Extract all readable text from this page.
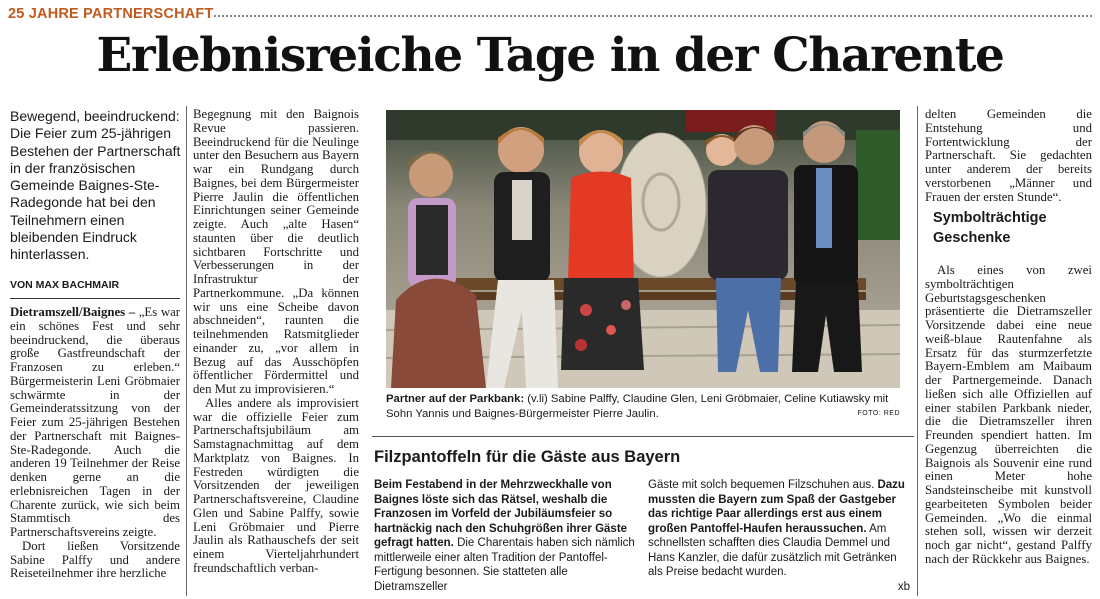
25 JAHRE PARTNERSCHAFT
Erlebnisreiche Tage in der Charente
Bewegend, beeindruckend: Die Feier zum 25-jährigen Bestehen der Partnerschaft in der französischen Gemeinde Baignes-Ste-Radegonde hat bei den Teilnehmern einen bleibenden Eindruck hinterlassen.
VON MAX BACHMAIR

Dietramszell/Baignes – „Es war ein schönes Fest und sehr beeindruckend, die überaus große Gastfreundschaft der Franzosen zu erleben.“ Bürgermeisterin Leni Gröbmaier schwärmte in der Gemeinderatssitzung von der Feier zum 25-jährigen Bestehen der Partnerschaft mit Baignes-Ste-Radegonde. Auch die anderen 19 Teilnehmer der Reise denken gerne an die erlebnisreichen Tagen in der Charente zurück, wie sich beim Stammtisch des Partnerschaftsvereins zeigte.

Dort ließen Vorsitzende Sabine Palffy und andere Reiseteilnehmer ihre herzliche

Begegnung mit den Baignois Revue passieren. Beeindruckend für die Neulinge unter den Besuchern aus Bayern war ein Rundgang durch Baignes, bei dem Bürgermeister Pierre Jaulin die öffentlichen Einrichtungen seiner Gemeinde zeigte. Auch „alte Hasen“ staunten über die deutlich sichtbaren Fortschritte und Verbesserungen in der Infrastruktur der Partnerkommune. „Da können wir uns eine Scheibe davon abschneiden“, raunten die teilnehmenden Ratsmitglieder einander zu, „vor allem in Bezug auf das Ausschöpfen öffentlicher Fördermittel und den Mut zu improvisieren.“

Alles andere als improvisiert war die offizielle Feier zum Partnerschaftsjubiläum am Samstagnachmittag auf dem Marktplatz von Baignes. In Festreden würdigten die Vorsitzenden der jeweiligen Partnerschaftsvereine, Claudine Glen und Sabine Palffy, sowie Leni Gröbmaier und Pierre Jaulin als Rathauschefs der seit einem Vierteljahrhundert freundschaftlich verban-

Partner auf der Parkbank: (v.li) Sabine Palffy, Claudine Glen, Leni Gröbmaier, Celine Kutiawsky mit Sohn Yannis und Baignes-Bürgermeister Pierre Jaulin.	FOTO: RED
Filzpantoffeln für die Gäste aus Bayern

Beim Festabend in der Mehrzweckhalle von Baignes löste sich das Rätsel, weshalb die Franzosen im Vorfeld der Jubiläumsfeier so hartnäckig nach den Schuhgrößen ihrer Gäste gefragt hatten. Die Charentais haben sich nämlich mittlerweile einer alten Tradition der Pantoffel-Fertigung besonnen. Sie statteten alle Dietramszeller

Gäste mit solch bequemen Filzschuhen aus. Dazu mussten die Bayern zum Spaß der Gastgeber das richtige Paar allerdings erst aus einem großen Pantoffel-Haufen heraussuchen. Am schnellsten schafften dies Claudia Demmel und Hans Kanzler, die dafür zusätzlich mit Getränken als Preise bedacht wurden.

xb

delten Gemeinden die Entstehung und Fortentwicklung der Partnerschaft. Sie gedachten unter anderem der bereits verstorbenen „Männer und Frauen der ersten Stunde“.

Symbolträchtige Geschenke

Als eines von zwei symbolträchtigen Geburtstagsgeschenken präsentierte die Dietramszeller Vorsitzende dabei eine neue weiß-blaue Rautenfahne als Ersatz für das sturmzerfetzte Bayern-Emblem am Maibaum der Partnergemeinde. Danach ließen sich alle Offiziellen auf einer stabilen Parkbank nieder, die die Dietramszeller ihren Freunden spendiert hatten. Im Gegenzug überreichten die Baignois als Souvenir eine rund einen Meter hohe Sandsteinscheibe mit kunstvoll gearbeiteten Symbolen beider Gemeinden. „Wo die einmal stehen soll, wissen wir derzeit noch gar nicht“, gestand Palffy nach der Rückkehr aus Baignes.
